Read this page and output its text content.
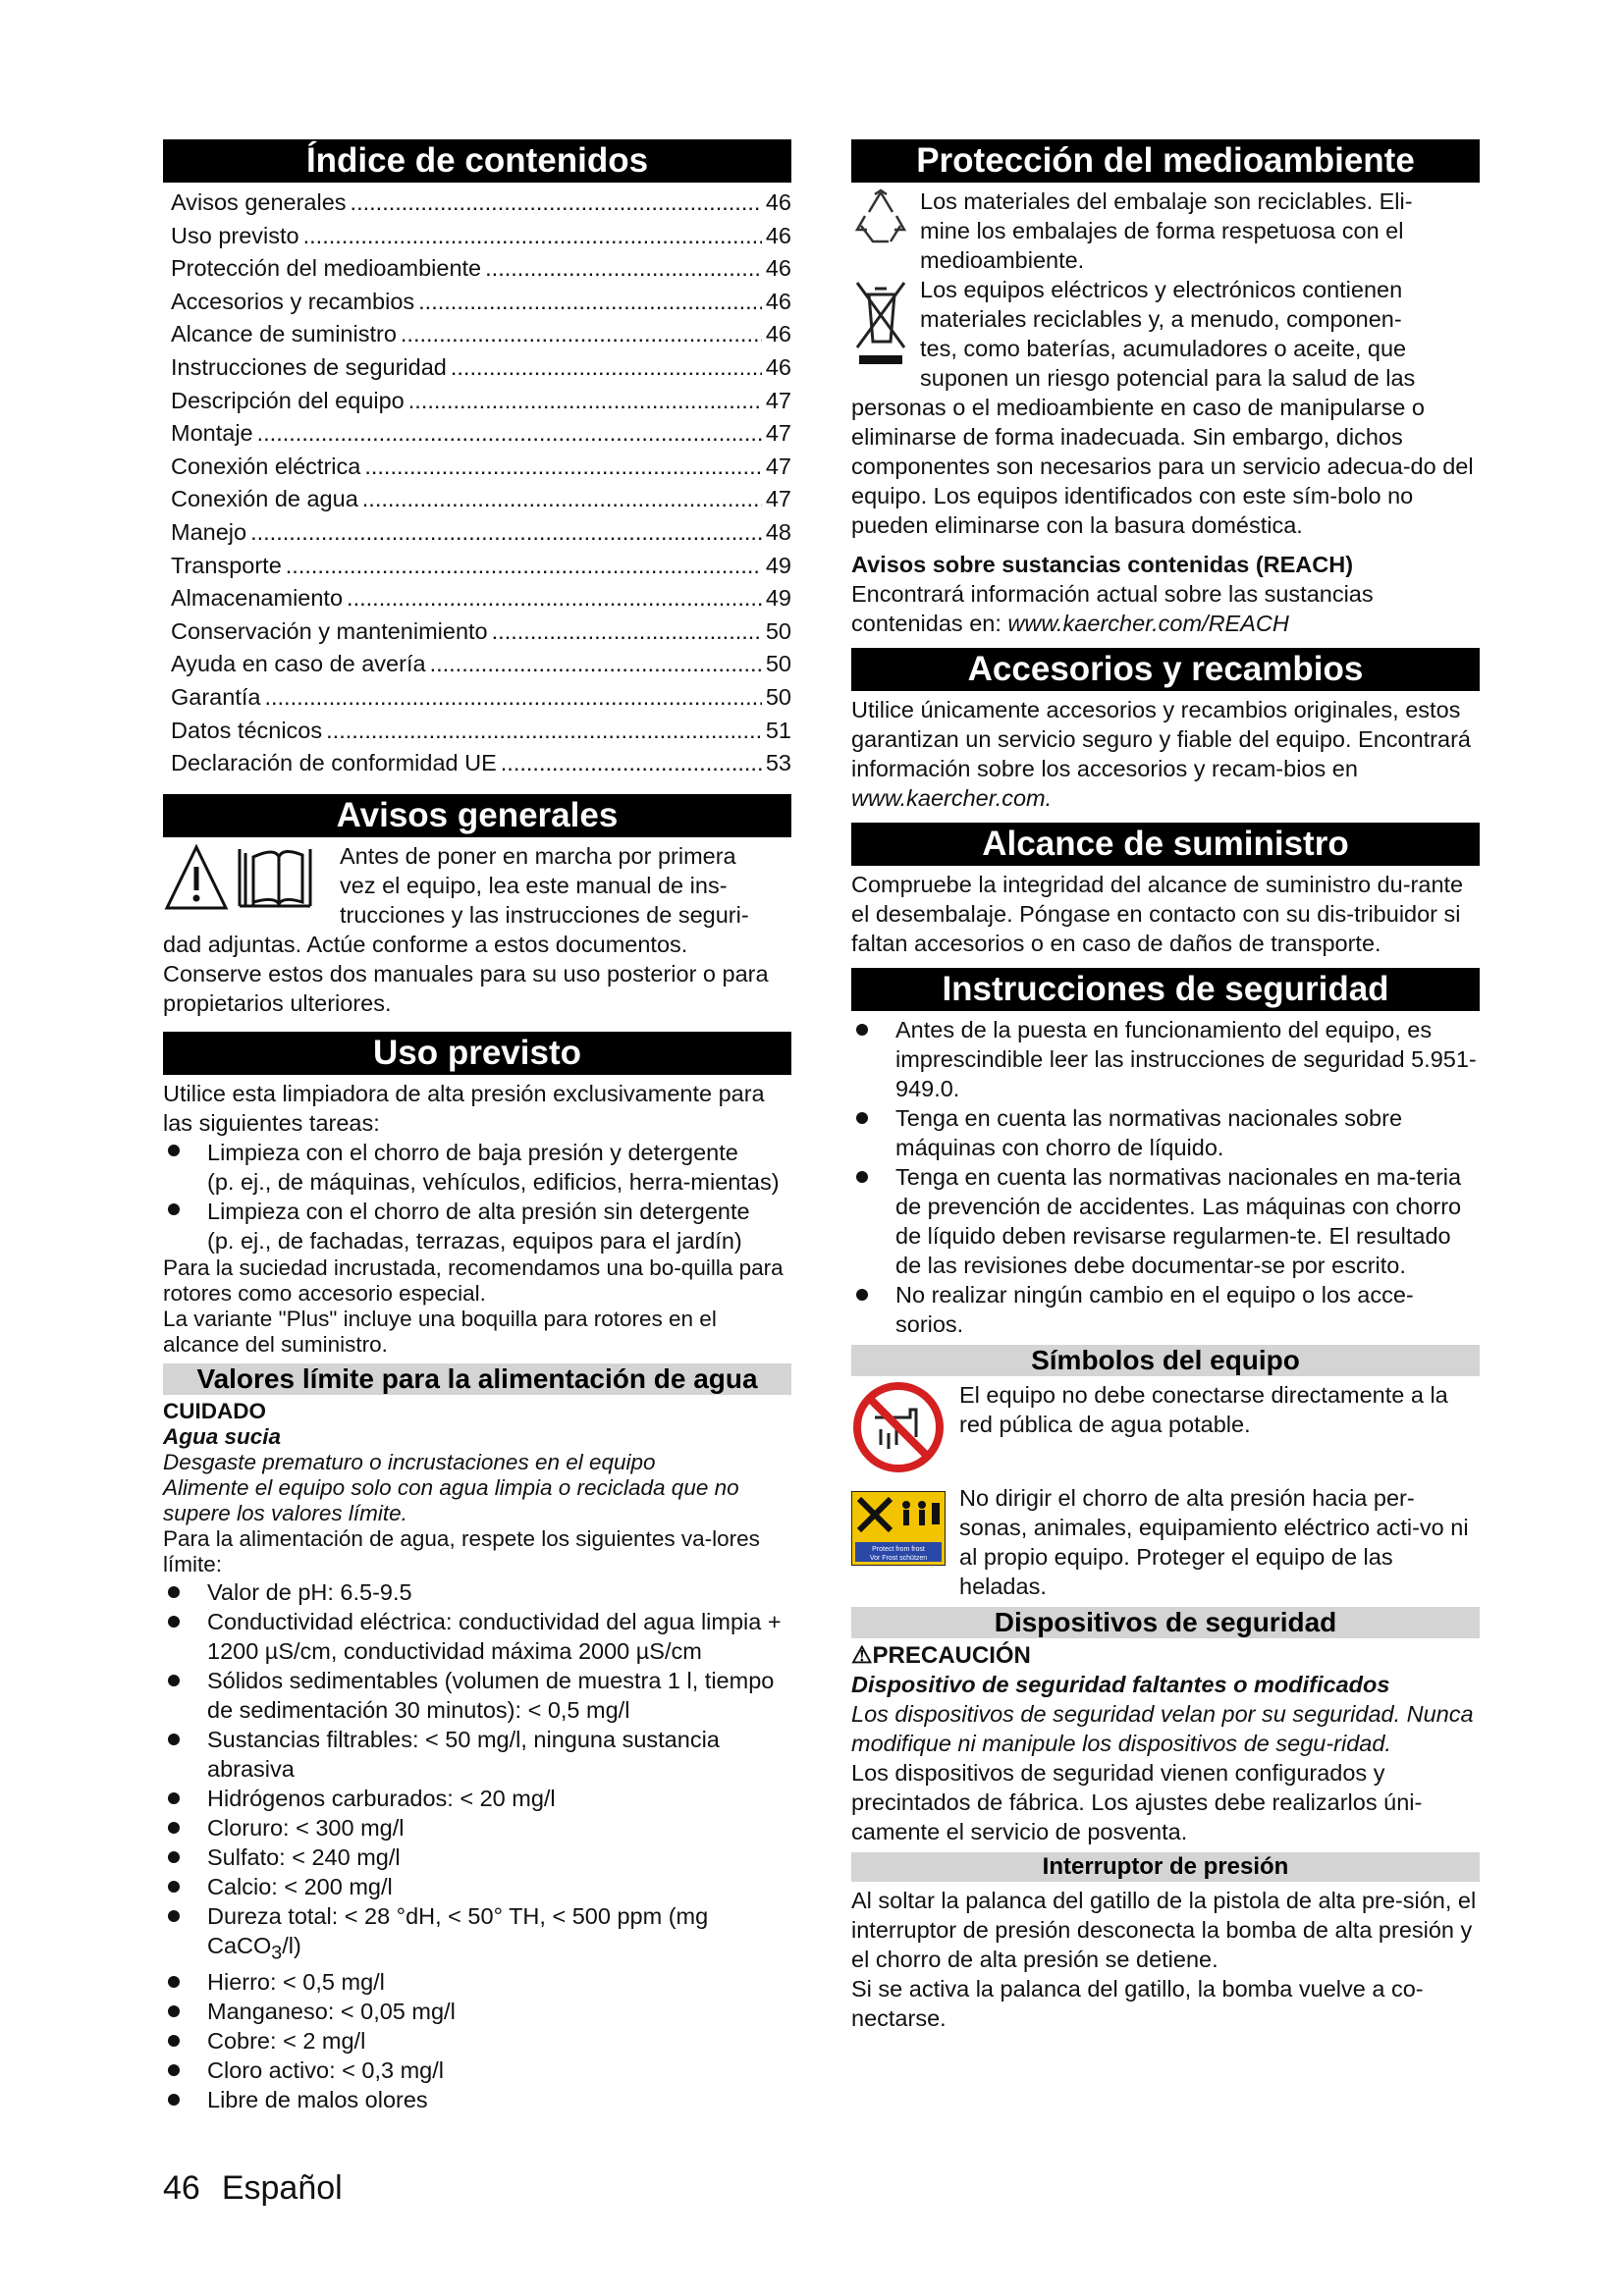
Índice de contenidos
Avisos generales .....	46
Uso previsto .....	46
Protección del medioambiente .....	46
Accesorios y recambios .....	46
Alcance de suministro .....	46
Instrucciones de seguridad .....	46
Descripción del equipo .....	47
Montaje .....	47
Conexión eléctrica .....	47
Conexión de agua .....	47
Manejo .....	48
Transporte .....	49
Almacenamiento .....	49
Conservación y mantenimiento .....	50
Ayuda en caso de avería .....	50
Garantía .....	50
Datos técnicos .....	51
Declaración de conformidad UE .....	53
Avisos generales

Antes de poner en marcha por primera

vez el equipo, lea este manual de ins-

trucciones y las instrucciones de seguri-

dad adjuntas. Actúe conforme a estos documentos. Conserve estos dos manuales para su uso posterior o para propietarios ulteriores.

Uso previsto

Utilice esta limpiadora de alta presión exclusivamente para las siguientes tareas:

Limpieza con el chorro de baja presión y detergente
(p. ej., de máquinas, vehículos, edificios, herra-mientas)
Limpieza con el chorro de alta presión sin detergente
(p. ej., de fachadas, terrazas, equipos para el jardín)

Para la suciedad incrustada, recomendamos una bo-quilla para rotores como accesorio especial.

La variante "Plus" incluye una boquilla para rotores en el alcance del suministro.

Valores límite para la alimentación de agua

CUIDADO

Agua sucia

Desgaste prematuro o incrustaciones en el equipo

Alimente el equipo solo con agua limpia o reciclada que no supere los valores límite.

Para la alimentación de agua, respete los siguientes va-lores límite:

Valor de pH: 6.5-9.5
Conductividad eléctrica: conductividad del agua limpia + 1200 µS/cm, conductividad máxima 2000 µS/cm
Sólidos sedimentables (volumen de muestra 1 l, tiempo de sedimentación 30 minutos): < 0,5 mg/l
Sustancias filtrables: < 50 mg/l, ninguna sustancia abrasiva
Hidrógenos carburados: < 20 mg/l
Cloruro: < 300 mg/l
Sulfato: < 240 mg/l
Calcio: < 200 mg/l
Dureza total: < 28 °dH, < 50° TH, < 500 ppm (mg
CaCO$_3$/l)
Hierro: < 0,5 mg/l
Manganeso: < 0,05 mg/l
Cobre: < 2 mg/l
Cloro activo: < 0,3 mg/l
Libre de malos olores
Protección del medioambiente

Los materiales del embalaje son reciclables. Eli-

mine los embalajes de forma respetuosa con el

medioambiente.

Los equipos eléctricos y electrónicos contienen

materiales reciclables y, a menudo, componen-

tes, como baterías, acumuladores o aceite, que

suponen un riesgo potencial para la salud de las

personas o el medioambiente en caso de manipularse o eliminarse de forma inadecuada. Sin embargo, dichos componentes son necesarios para un servicio adecua-do del equipo. Los equipos identificados con este sím-bolo no pueden eliminarse con la basura doméstica.

Avisos sobre sustancias contenidas (REACH)

Encontrará información actual sobre las sustancias contenidas en: www.kaercher.com/REACH

Accesorios y recambios

Utilice únicamente accesorios y recambios originales, estos garantizan un servicio seguro y fiable del equipo. Encontrará información sobre los accesorios y recam-bios en www.kaercher.com.

Alcance de suministro

Compruebe la integridad del alcance de suministro du-rante el desembalaje. Póngase en contacto con su dis-tribuidor si faltan accesorios o en caso de daños de transporte.

Instrucciones de seguridad
Antes de la puesta en funcionamiento del equipo, es imprescindible leer las instrucciones de seguridad 5.951-949.0.
Tenga en cuenta las normativas nacionales sobre máquinas con chorro de líquido.
Tenga en cuenta las normativas nacionales en ma-teria de prevención de accidentes. Las máquinas con chorro de líquido deben revisarse regularmen-te. El resultado de las revisiones debe documentar-se por escrito.
No realizar ningún cambio en el equipo o los acce-sorios.
Símbolos del equipo

El equipo no debe conectarse directamente a la red pública de agua potable.

Protect from frost
Vor Frost schützen

No dirigir el chorro de alta presión hacia per-sonas, animales, equipamiento eléctrico acti-vo ni al propio equipo. Proteger el equipo de las heladas.

Dispositivos de seguridad

⚠PRECAUCIÓN

Dispositivo de seguridad faltantes o modificados

Los dispositivos de seguridad velan por su seguridad. Nunca modifique ni manipule los dispositivos de segu-ridad.

Los dispositivos de seguridad vienen configurados y precintados de fábrica. Los ajustes debe realizarlos úni-camente el servicio de posventa.

Interruptor de presión

Al soltar la palanca del gatillo de la pistola de alta pre-sión, el interruptor de presión desconecta la bomba de alta presión y el chorro de alta presión se detiene.

Si se activa la palanca del gatillo, la bomba vuelve a co-nectarse.

46 Español
